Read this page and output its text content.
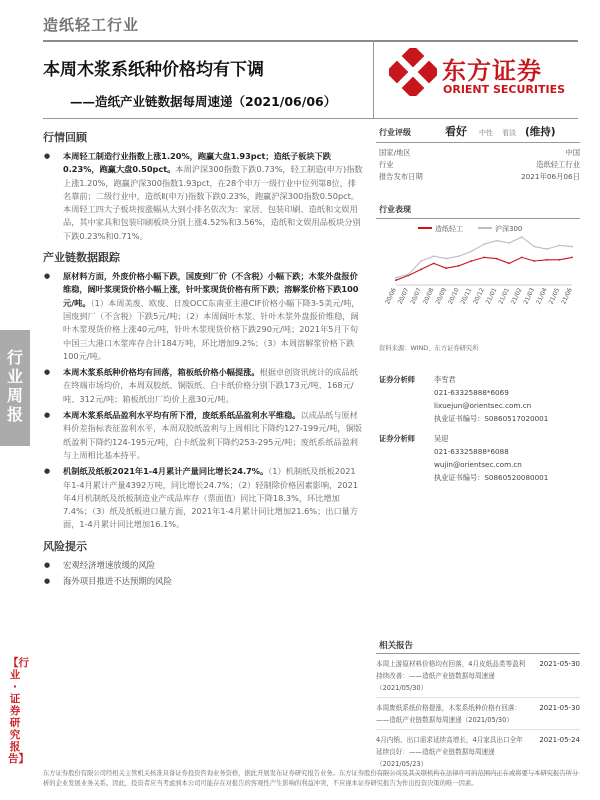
造纸轻工行业
本周木浆系纸种价格均有下调
——造纸产业链数据每周速递（2021/06/06）
东方证券
ORIENT SECURITIES
行业周报
【行业·证券研究报告】
行情回顾
● 本周轻工制造行业指数上涨1.20%，跑赢大盘1.93pct；造纸子板块下跌0.23%，跑赢大盘0.50pct。本周沪深300指数下跌0.73%，轻工制造(申万)指数上涨1.20%，跑赢沪深300指数1.93pct，在28个申万一级行业中位列第8位，排名靠前；二级行业中，造纸Ⅱ(申万)指数下跌0.23%，跑赢沪深300指数0.50pct。本周轻工四大子板块按涨幅从大到小排名依次为：家居、包装印刷、造纸和文娱用品，其中家具和包装印刷板块分别上涨4.52%和3.56%，造纸和文娱用品板块分别下跌0.23%和0.71%。
产业链数据跟踪
● 原材料方面，外废价格小幅下跌，国废到厂价（不含税）小幅下跌；木浆外盘报价维稳，阔叶浆现货价格小幅上涨，针叶浆现货价格有所下跌；溶解浆价格下跌100元/吨。（1）本周美废、欧废、日废OCC东南亚主港CIF价格小幅下降3-5美元/吨，国废到厂（不含税）下跌5元/吨；（2）本周阔叶木浆、针叶木浆外盘报价维稳，阔叶木浆现货价格上涨40元/吨，针叶木浆现货价格下跌290元/吨；2021年5月下旬中国三大港口木浆库存合计184万吨，环比增加9.2%；（3）本周溶解浆价格下跌100元/吨。
● 本周木浆系纸种价格均有回落，箱板纸价格小幅提涨。根据卓创资讯统计的成品纸在终端市场均价，本周双胶纸、铜版纸、白卡纸价格分别下跌173元/吨、168元/吨、312元/吨；箱板纸出厂均价上涨30元/吨。
● 本周木浆系纸品盈利水平均有所下滑，废纸系纸品盈利水平维稳。以成品纸与原材料价差指标表征盈利水平，本周双胶纸盈利与上周相比下降约127-199元/吨，铜版纸盈利下降约124-195元/吨，白卡纸盈利下降约253-295元/吨；废纸系纸品盈利与上周相比基本持平。
● 机制纸及纸板2021年1-4月累计产量同比增长24.7%。（1）机制纸及纸板2021年1-4月累计产量4392万吨，同比增长24.7%；（2）轻制除价格因素影响，2021年4月机制纸及纸板制造业产成品库存（票面值）同比下降18.3%，环比增加7.4%；（3）纸及纸板进口量方面，2021年1-4月累计同比增加21.6%；出口量方面，1-4月累计同比增加16.1%。
风险提示
● 宏观经济增速放缓的风险
● 海外项目推进不达预期的风险
行业评级	看好 中性 看淡 (维持)
国家/地区	中国
行业	造纸轻工行业
报告发布日期	2021年06月06日
行业表现
造纸轻工	沪深300
20/06
20/07
20/07
20/08
20/09
20/10
20/11
20/12
21/01
21/01
21/02
21/03
21/04
21/05
21/06
资料来源：WIND、东方证券研究所
证券分析师	李雪君
021-63325888*6069
lixuejun@orientsec.com.cn
执业证书编号：S0860517020001
证券分析师	吴迎
021-63325888*6088
wujin@orientsec.com.cn
执业证书编号：S0860520080001
相关报告
本周上游原材料价格均有回落，4月皮纸品类等盈利持续改善：——造纸产业链数据每周速递（2021/05/30）
2021-05-30
本周废纸系纸价格提涨，木浆系纸种价格有回落：——造纸产业链数据每周速递（2021/05/30）
2021-05-30
4月内销、出口需求延续高增长，4月家具出口全年延续良好：——造纸产业链数据每周速递（2021/05/23）
2021-05-24
东方证券股份有限公司经相关主管机关核准具备证券投资咨询业务资格，据此开展发布证券研究报告业务。东方证券股份有限公司及其关联机构在法律许可的范围内正在或将要与本研究报告所分析的企业发展业务关系。因此，投资者应当考虑到本公司可能存在对报告的客观性产生影响的利益冲突，不应视本证券研究报告为作出投资决策的唯一因素。
